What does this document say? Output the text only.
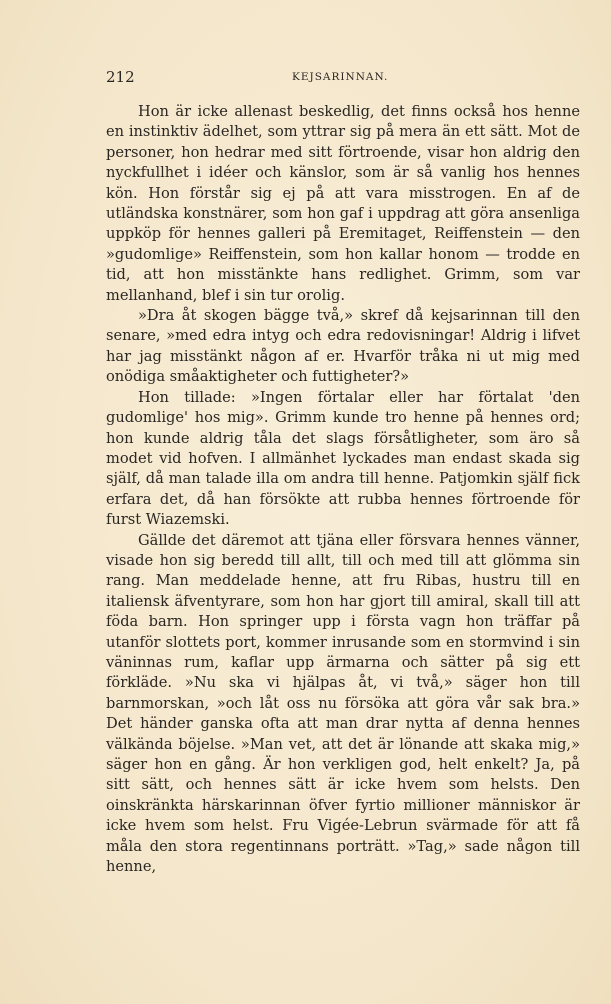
212	KEJSARINNAN.

Hon är icke allenast beskedlig, det finns också hos henne en instinktiv ädelhet, som yttrar sig på mera än ett sätt. Mot de personer, hon hedrar med sitt förtroende, visar hon aldrig den nyckfullhet i idéer och känslor, som är så vanlig hos hennes kön. Hon förstår sig ej på att vara misstrogen. En af de utländska konstnärer, som hon gaf i uppdrag att göra ansenliga uppköp för hennes galleri på Eremitaget, Reiffenstein — den »gudomlige» Reiffenstein, som hon kallar honom — trodde en tid, att hon misstänkte hans redlighet. Grimm, som var mellanhand, blef i sin tur orolig.

»Dra åt skogen bägge två,» skref då kejsarinnan till den senare, »med edra intyg och edra redovisningar! Aldrig i lifvet har jag misstänkt någon af er. Hvarför tråka ni ut mig med onödiga småaktigheter och futtigheter?»

Hon tillade: »Ingen förtalar eller har förtalat 'den gudomlige' hos mig». Grimm kunde tro henne på hennes ord; hon kunde aldrig tåla det slags försåtligheter, som äro så modet vid hofven. I allmänhet lyckades man endast skada sig själf, då man talade illa om andra till henne. Patjomkin själf fick erfara det, då han försökte att rubba hennes förtroende för furst Wiazemski.

Gällde det däremot att tjäna eller försvara hennes vänner, visade hon sig beredd till allt, till och med till att glömma sin rang. Man meddelade henne, att fru Ribas, hustru till en italiensk äfventyrare, som hon har gjort till amiral, skall till att föda barn. Hon springer upp i första vagn hon träffar på utanför slottets port, kommer inrusande som en stormvind i sin väninnas rum, kaflar upp ärmarna och sätter på sig ett förkläde. »Nu ska vi hjälpas åt, vi två,» säger hon till barnmorskan, »och låt oss nu försöka att göra vår sak bra.» Det händer ganska ofta att man drar nytta af denna hennes välkända böjelse. »Man vet, att det är lönande att skaka mig,» säger hon en gång. Är hon verkligen god, helt enkelt? Ja, på sitt sätt, och hennes sätt är icke hvem som helsts. Den oinskränkta härskarinnan öfver fyrtio millioner människor är icke hvem som helst. Fru Vigée-Lebrun svärmade för att få måla den stora regentinnans porträtt. »Tag,» sade någon till henne,
